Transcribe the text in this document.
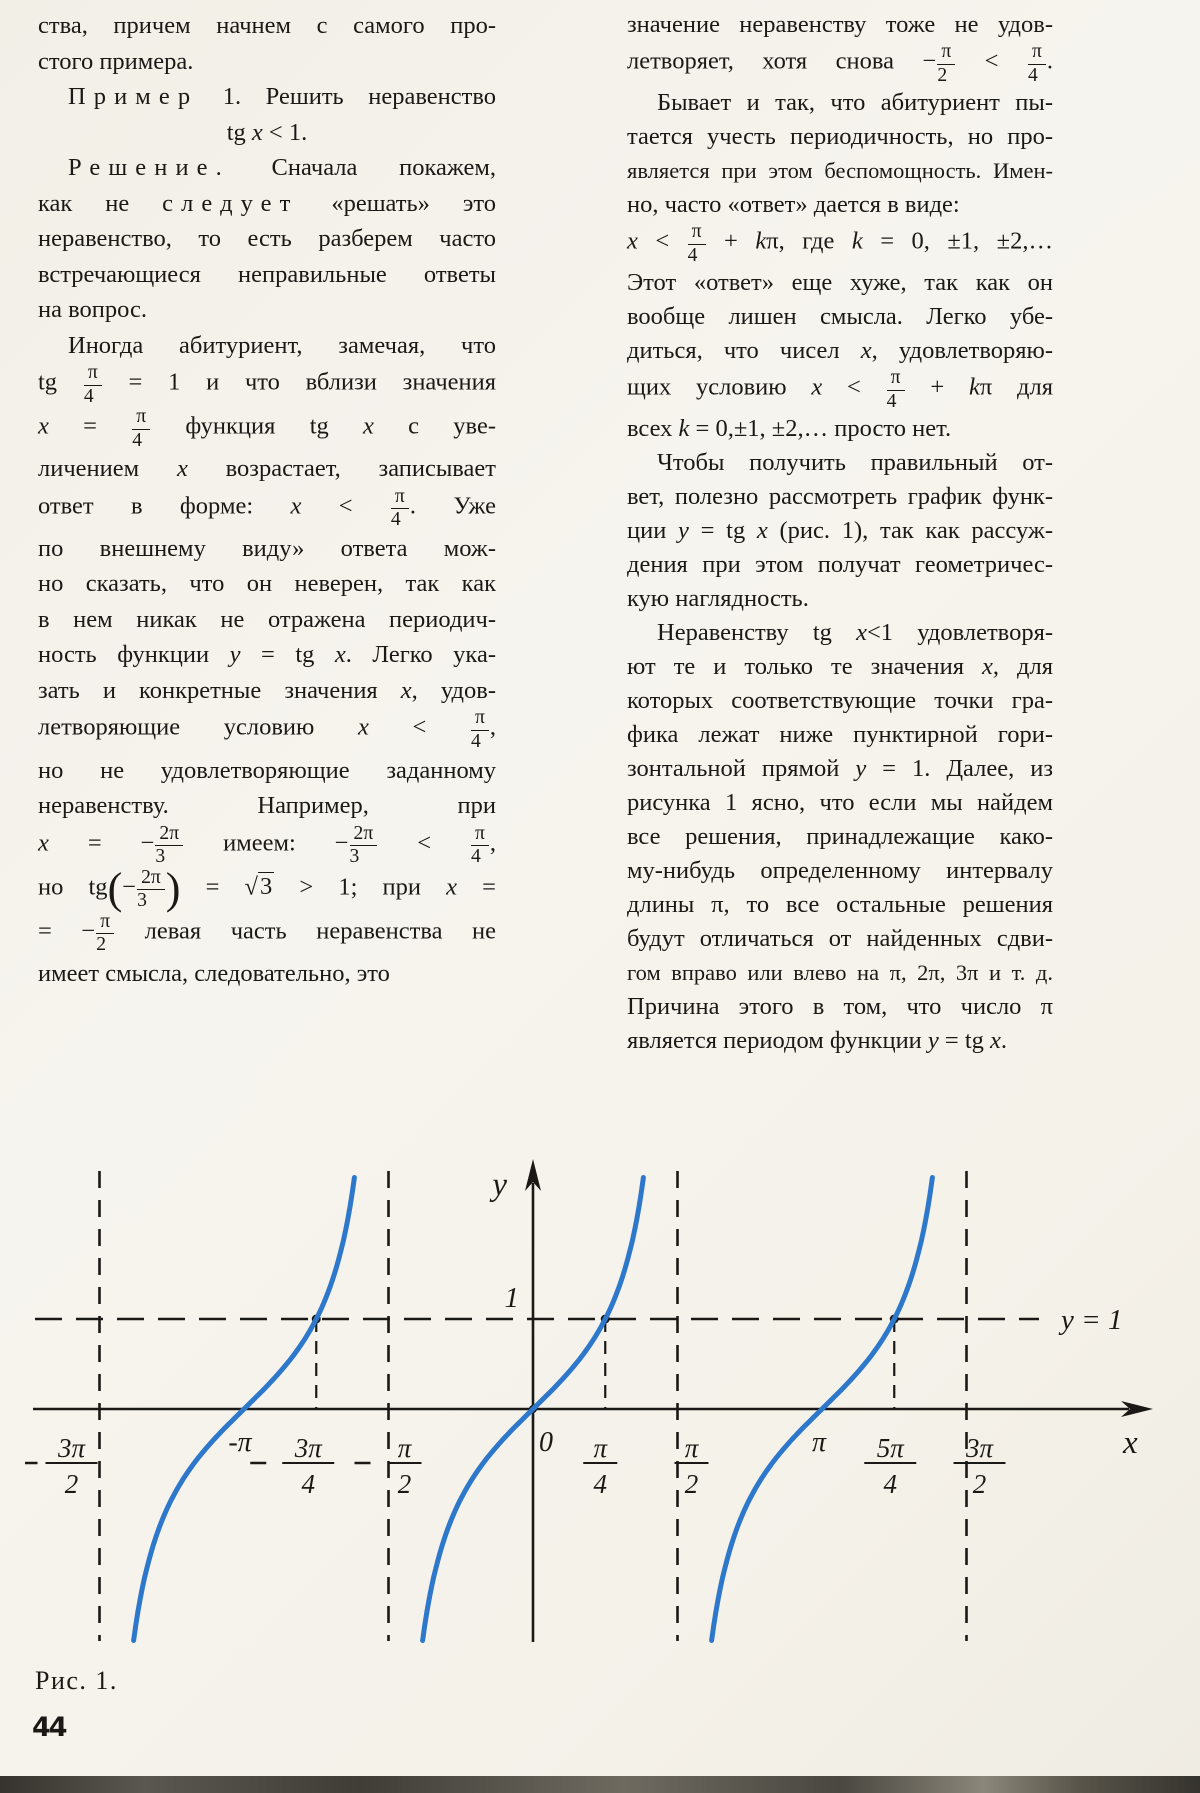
ства, причем начнем с самого про-
стого примера.
Пример 1. Решить неравенство
tg x < 1.
Решение. Сначала покажем,
как не следует «решать» это
неравенство, то есть разберем часто
встречающиеся неправильные ответы
на вопрос.
Иногда абитуриент, замечая, что
tg $\frac{\pi}{4} = 1$ и что вблизи значения
$x = \frac{\pi}{4}$ функция tg x с уве-
личением x возрастает, записывает
ответ в форме: $x < \frac{\pi}{4}$ . Уже
по внешнему виду» ответа мож-
но сказать, что он неверен, так как
в нем никак не отражена периодич-
ность функции y = tg x. Легко ука-
зать и конкретные значения x, удов-
летворяющие условию $x < \frac{\pi}{4}$ ,
но не удовлетворяющие заданному
неравенству. Например, при
x = − $\frac{2\pi}{3}$ имеем: − $\frac{2\pi}{3} < \frac{\pi}{4}$ ,
но $tg(- \frac{2\pi}{3}$ ) = √3 > 1; при x =
= − $\frac{\pi}{2}$ левая часть неравенства не
имеет смысла, следовательно, это
значение неравенству тоже не удов-
летворяет, хотя снова − $\frac{\pi}{2} < \frac{\pi}{4}$ .
Бывает и так, что абитуриент пы-
тается учесть периодичность, но про-
является при этом беспомощность. Имен-
но, часто «ответ» дается в виде:
$x < \frac{\pi}{4} + k\pi$, где k = 0, ±1, ±2,…
Этот «ответ» еще хуже, так как он
вообще лишен смысла. Легко убе-
диться, что чисел x, удовлетворяю-
щих условию $x < \frac{\pi}{4} + k\pi$ для
всех k = 0,±1, ±2,… просто нет.
Чтобы получить правильный от-
вет, полезно рассмотреть график функ-
ции y = tg x (рис. 1), так как рассуж-
дения при этом получат геометричес-
кую наглядность.
Неравенству tg x<1 удовлетворя-
ют те и только те значения x, для
которых соответствующие точки гра-
фика лежат ниже пунктирной гори-
зонтальной прямой y = 1. Далее, из
рисунка 1 ясно, что если мы найдем
все решения, принадлежащие како-
му-нибудь определенному интервалу
длины π, то все остальные решения
будут отличаться от найденных сдви-
гом вправо или влево на π, 2π, 3π и т. д.
Причина этого в том, что число π
является периодом функции y = tg x.
y = 1
y
x
1
3π
2
-π 3π
4
π
2
0 π
4
π
2
π 5π
4
3π
2
Рис. 1.
44
